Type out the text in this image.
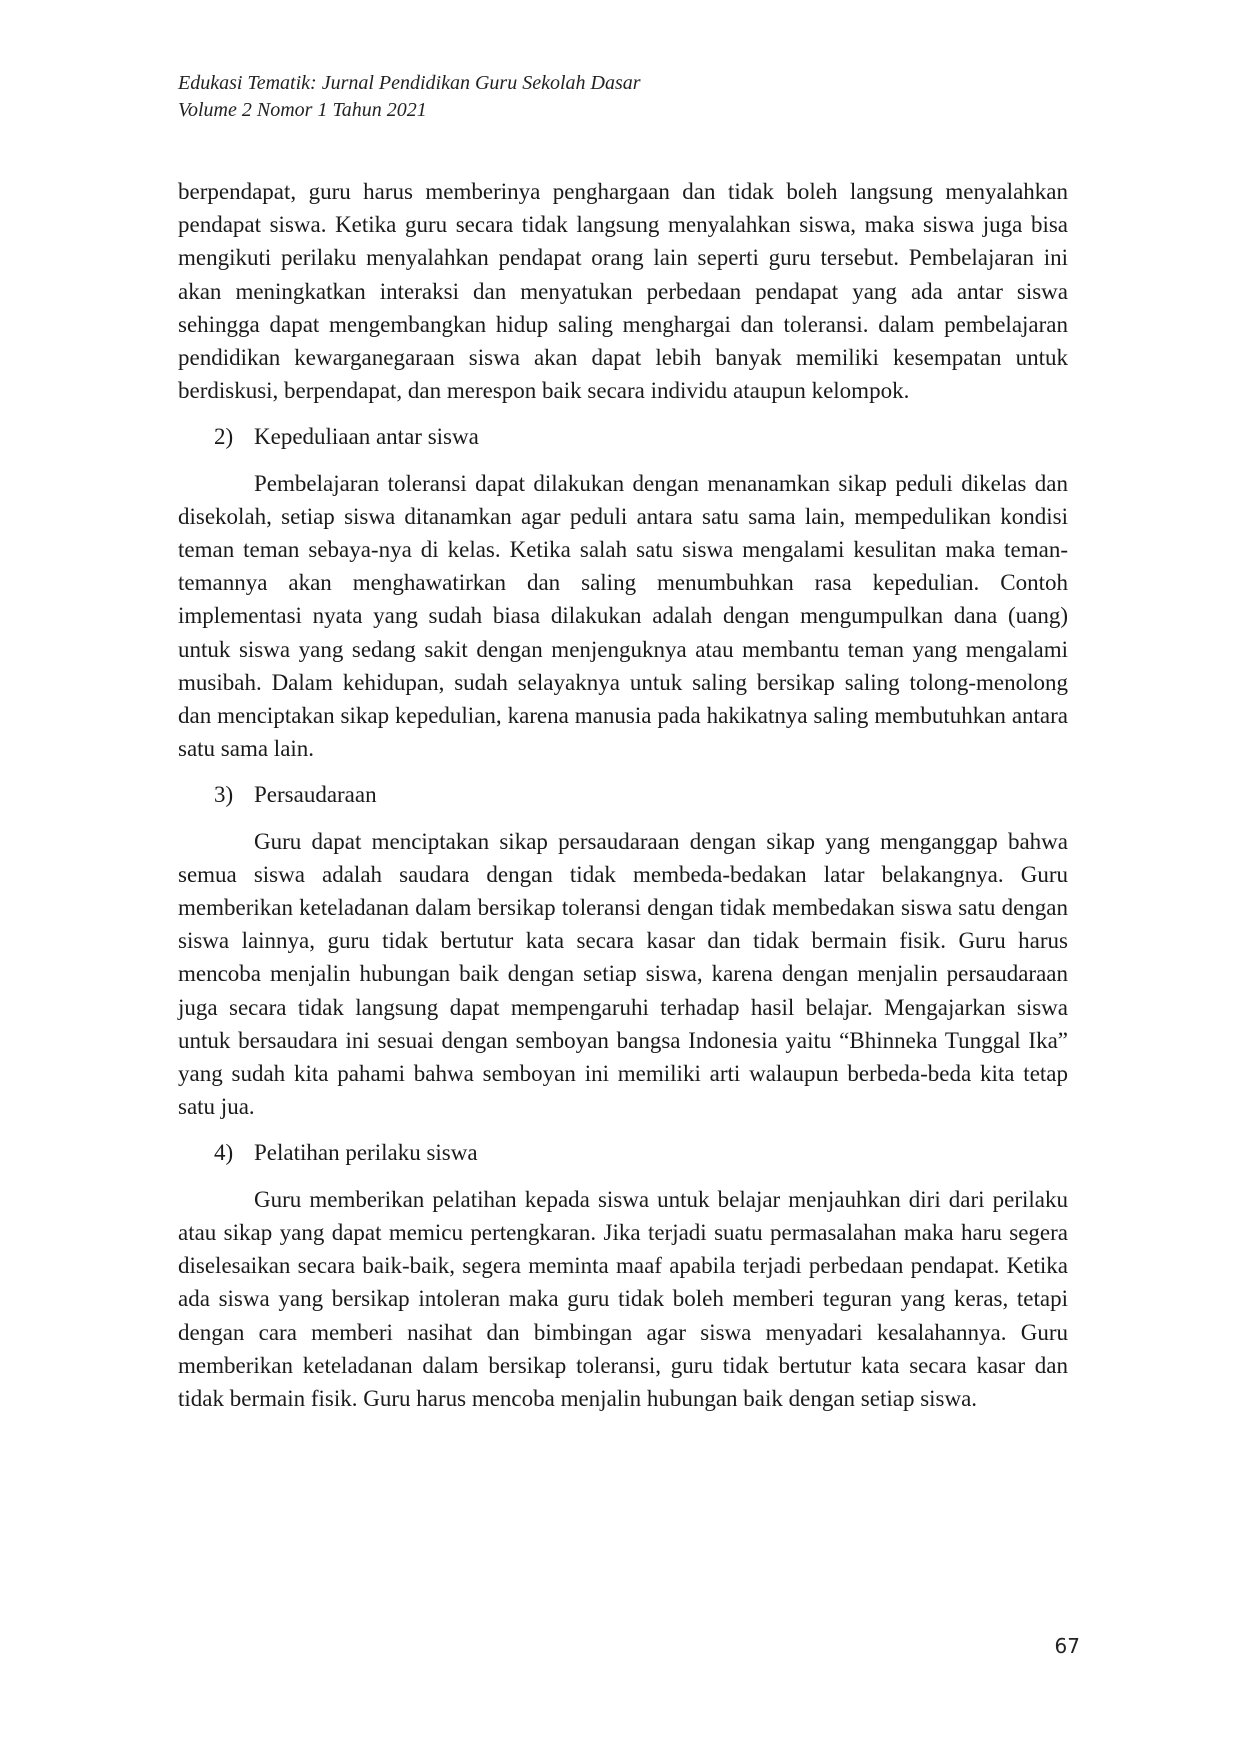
Edukasi Tematik: Jurnal Pendidikan Guru Sekolah Dasar
Volume 2 Nomor 1 Tahun 2021

berpendapat, guru harus memberinya penghargaan dan tidak boleh langsung menyalahkan pendapat siswa. Ketika guru secara tidak langsung menyalahkan siswa, maka siswa juga bisa mengikuti perilaku menyalahkan pendapat orang lain seperti guru tersebut. Pembelajaran ini akan meningkatkan interaksi dan menyatukan perbedaan pendapat yang ada antar siswa sehingga dapat mengembangkan hidup saling menghargai dan toleransi. dalam pembelajaran pendidikan kewarganegaraan siswa akan dapat lebih banyak memiliki kesempatan untuk berdiskusi, berpendapat, dan merespon baik secara individu ataupun kelompok.

2) Kepeduliaan antar siswa

Pembelajaran toleransi dapat dilakukan dengan menanamkan sikap peduli dikelas dan disekolah, setiap siswa ditanamkan agar peduli antara satu sama lain, mempedulikan kondisi teman teman sebaya-nya di kelas. Ketika salah satu siswa mengalami kesulitan maka teman-temannya akan menghawatirkan dan saling menumbuhkan rasa kepedulian. Contoh implementasi nyata yang sudah biasa dilakukan adalah dengan mengumpulkan dana (uang) untuk siswa yang sedang sakit dengan menjenguknya atau membantu teman yang mengalami musibah. Dalam kehidupan, sudah selayaknya untuk saling bersikap saling tolong-menolong dan menciptakan sikap kepedulian, karena manusia pada hakikatnya saling membutuhkan antara satu sama lain.

3) Persaudaraan

Guru dapat menciptakan sikap persaudaraan dengan sikap yang menganggap bahwa semua siswa adalah saudara dengan tidak membeda-bedakan latar belakangnya. Guru memberikan keteladanan dalam bersikap toleransi dengan tidak membedakan siswa satu dengan siswa lainnya, guru tidak bertutur kata secara kasar dan tidak bermain fisik. Guru harus mencoba menjalin hubungan baik dengan setiap siswa, karena dengan menjalin persaudaraan juga secara tidak langsung dapat mempengaruhi terhadap hasil belajar. Mengajarkan siswa untuk bersaudara ini sesuai dengan semboyan bangsa Indonesia yaitu “Bhinneka Tunggal Ika” yang sudah kita pahami bahwa semboyan ini memiliki arti walaupun berbeda-beda kita tetap satu jua.

4) Pelatihan perilaku siswa

Guru memberikan pelatihan kepada siswa untuk belajar menjauhkan diri dari perilaku atau sikap yang dapat memicu pertengkaran. Jika terjadi suatu permasalahan maka haru segera diselesaikan secara baik-baik, segera meminta maaf apabila terjadi perbedaan pendapat. Ketika ada siswa yang bersikap intoleran maka guru tidak boleh memberi teguran yang keras, tetapi dengan cara memberi nasihat dan bimbingan agar siswa menyadari kesalahannya. Guru memberikan keteladanan dalam bersikap toleransi, guru tidak bertutur kata secara kasar dan tidak bermain fisik. Guru harus mencoba menjalin hubungan baik dengan setiap siswa.

67
